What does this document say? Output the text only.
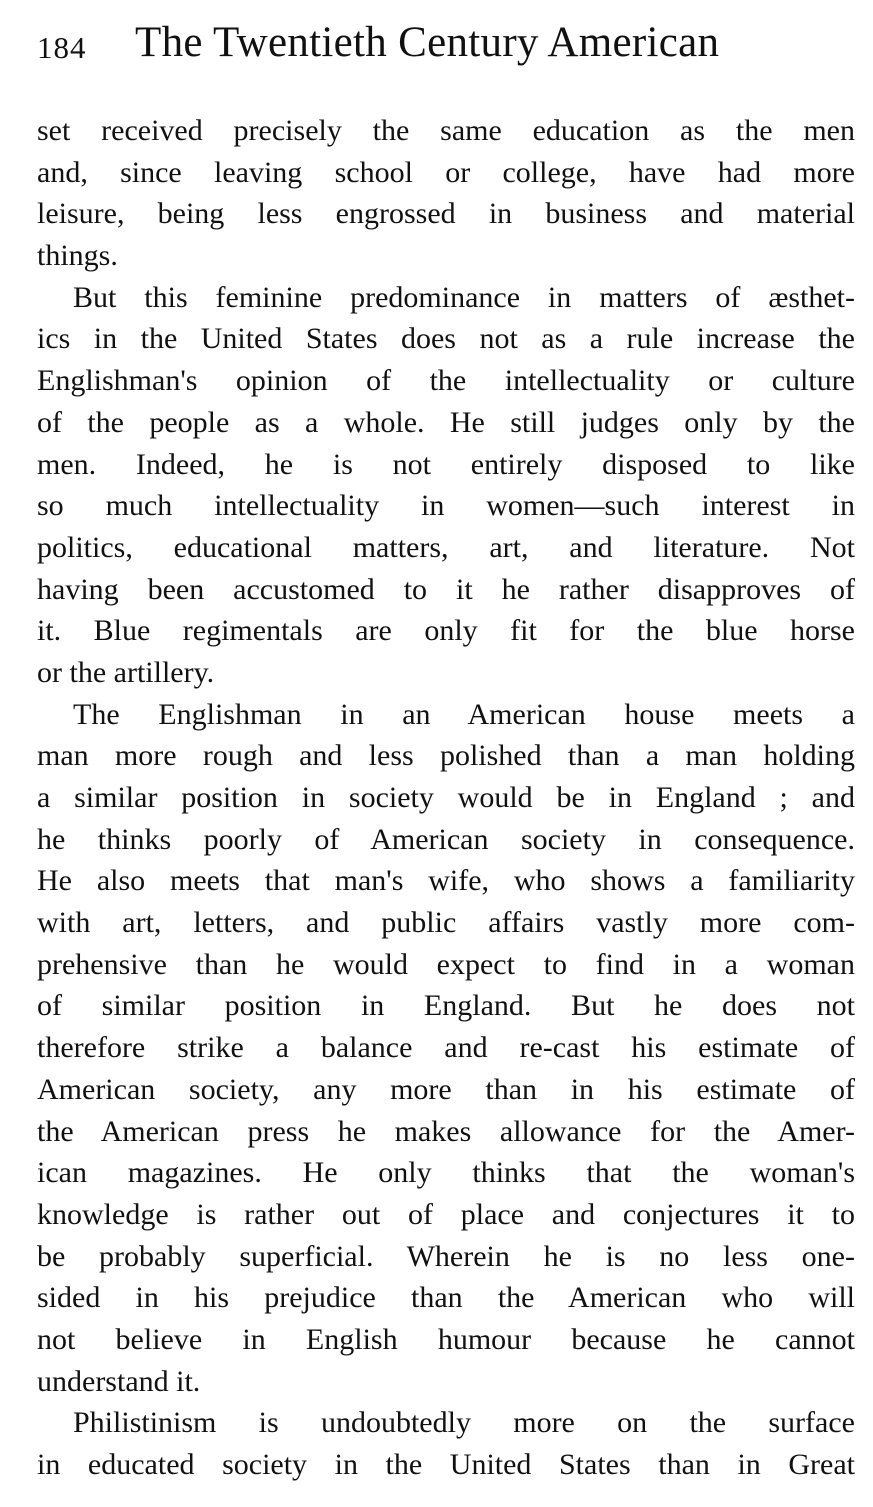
184 The Twentieth Century American
set received precisely the same education as the men
and, since leaving school or college, have had more
leisure, being less engrossed in business and material
things.
But this feminine predominance in matters of æsthet-
ics in the United States does not as a rule increase the
Englishman's opinion of the intellectuality or culture
of the people as a whole. He still judges only by the
men. Indeed, he is not entirely disposed to like
so much intellectuality in women—such interest in
politics, educational matters, art, and literature. Not
having been accustomed to it he rather disapproves of
it. Blue regimentals are only fit for the blue horse
or the artillery.
The Englishman in an American house meets a
man more rough and less polished than a man holding
a similar position in society would be in England ; and
he thinks poorly of American society in consequence.
He also meets that man's wife, who shows a familiarity
with art, letters, and public affairs vastly more com-
prehensive than he would expect to find in a woman
of similar position in England. But he does not
therefore strike a balance and re-cast his estimate of
American society, any more than in his estimate of
the American press he makes allowance for the Amer-
ican magazines. He only thinks that the woman's
knowledge is rather out of place and conjectures it to
be probably superficial. Wherein he is no less one-
sided in his prejudice than the American who will
not believe in English humour because he cannot
understand it.
Philistinism is undoubtedly more on the surface
in educated society in the United States than in Great
